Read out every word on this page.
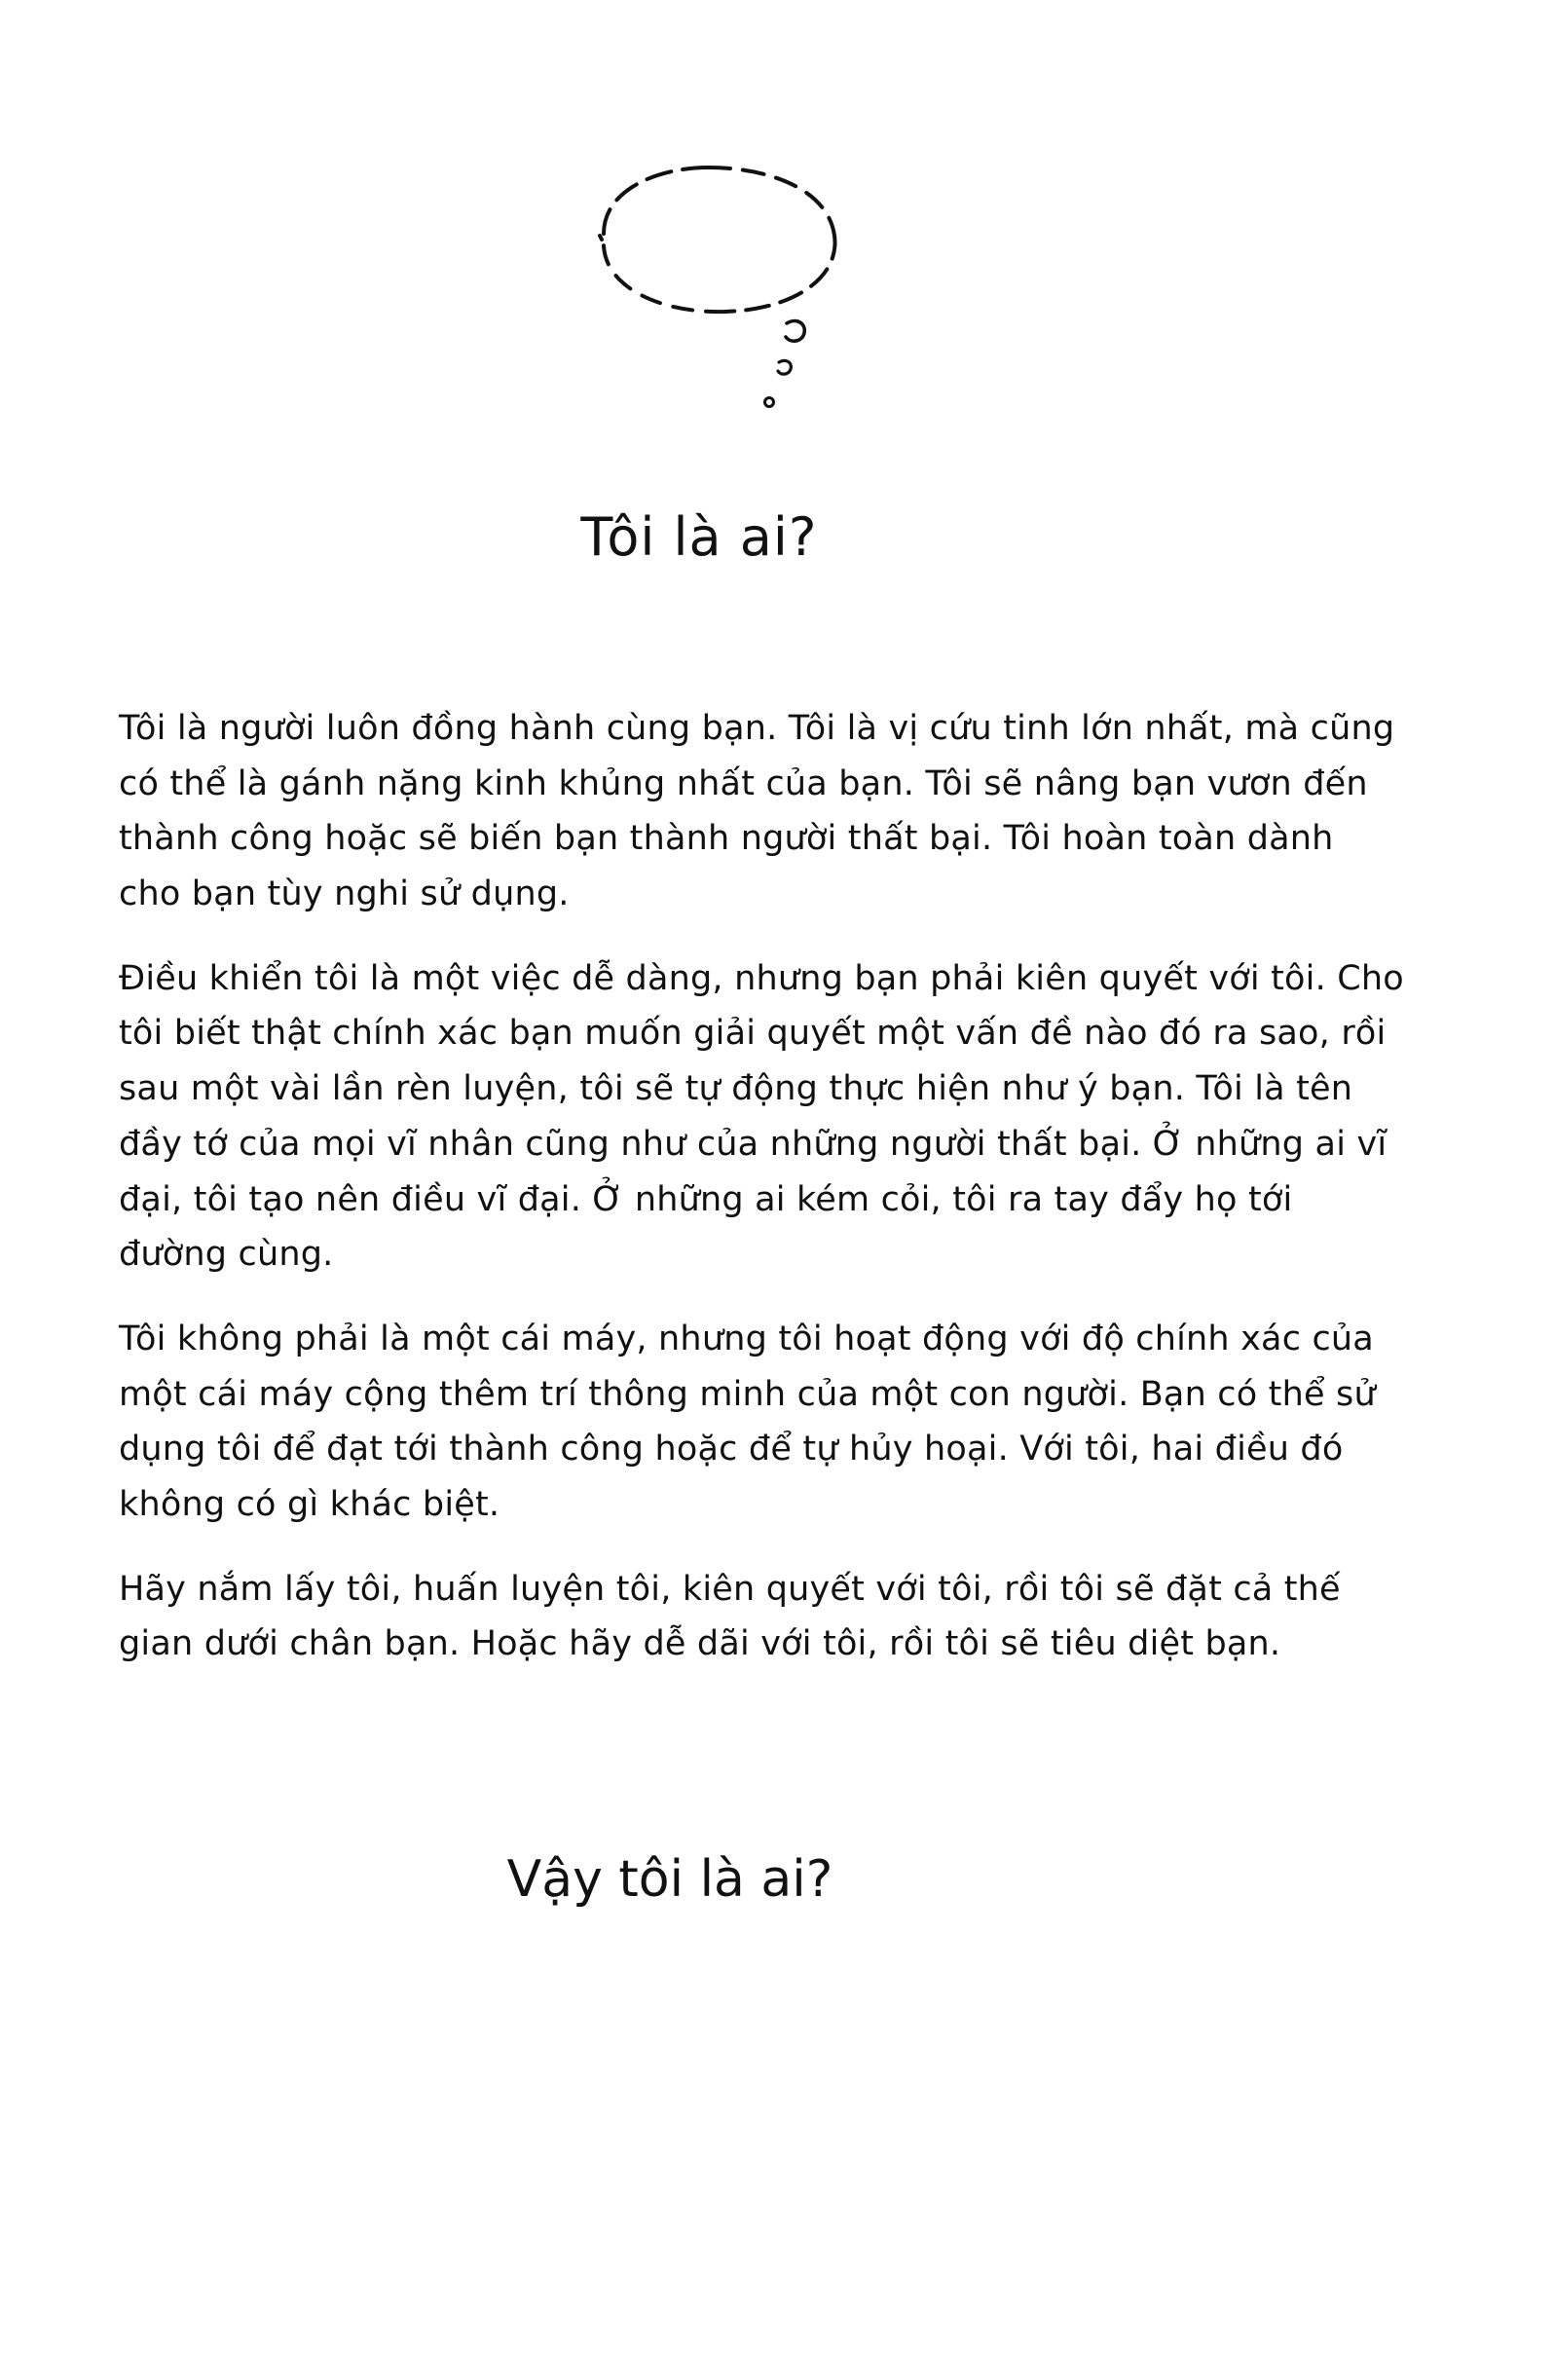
Tôi là ai?

Tôi là người luôn đồng hành cùng bạn. Tôi là vị cứu tinh lớn nhất, mà cũng có thể là gánh nặng kinh khủng nhất của bạn. Tôi sẽ nâng bạn vươn đến thành công hoặc sẽ biến bạn thành người thất bại. Tôi hoàn toàn dành cho bạn tùy nghi sử dụng.

Điều khiển tôi là một việc dễ dàng, nhưng bạn phải kiên quyết với tôi. Cho tôi biết thật chính xác bạn muốn giải quyết một vấn đề nào đó ra sao, rồi sau một vài lần rèn luyện, tôi sẽ tự động thực hiện như ý bạn. Tôi là tên đầy tớ của mọi vĩ nhân cũng như của những người thất bại. Ở những ai vĩ đại, tôi tạo nên điều vĩ đại. Ở những ai kém cỏi, tôi ra tay đẩy họ tới đường cùng.

Tôi không phải là một cái máy, nhưng tôi hoạt động với độ chính xác của một cái máy cộng thêm trí thông minh của một con người. Bạn có thể sử dụng tôi để đạt tới thành công hoặc để tự hủy hoại. Với tôi, hai điều đó không có gì khác biệt.

Hãy nắm lấy tôi, huấn luyện tôi, kiên quyết với tôi, rồi tôi sẽ đặt cả thế gian dưới chân bạn. Hoặc hãy dễ dãi với tôi, rồi tôi sẽ tiêu diệt bạn.

Vậy tôi là ai?
